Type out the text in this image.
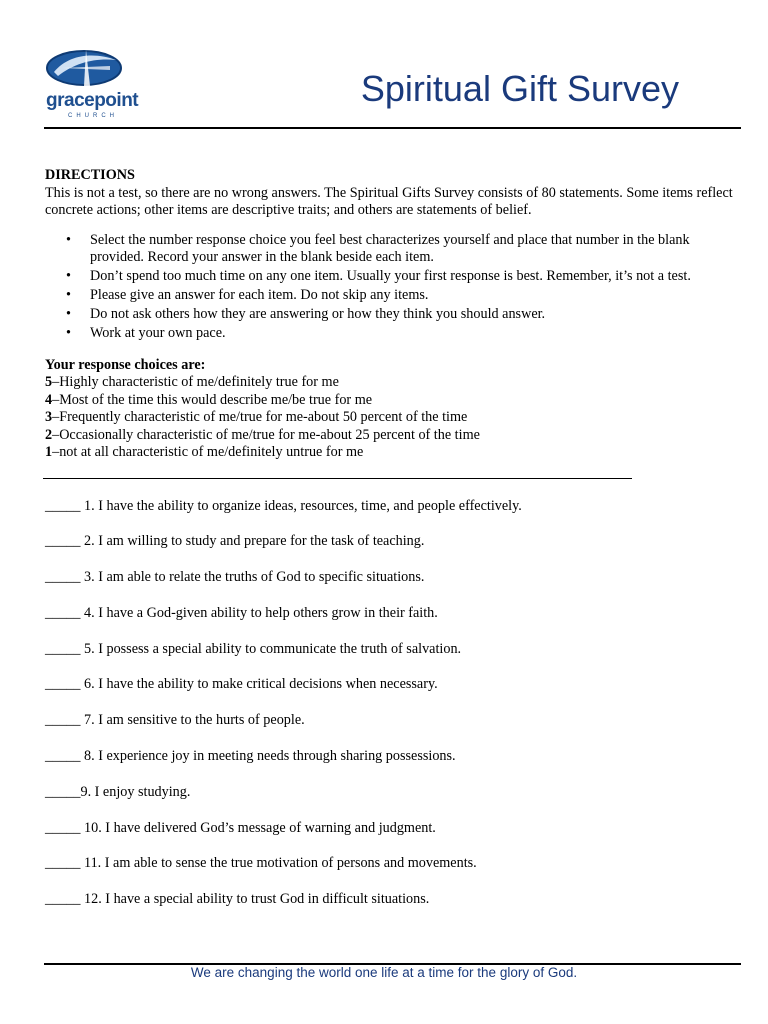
gracepoint
CHURCH
Spiritual Gift Survey

DIRECTIONS

This is not a test, so there are no wrong answers. The Spiritual Gifts Survey consists of 80 statements. Some items reflect concrete actions; other items are descriptive traits; and others are statements of belief.

• Select the number response choice you feel best characterizes yourself and place that number in the blank provided. Record your answer in the blank beside each item.
• Don’t spend too much time on any one item. Usually your first response is best. Remember, it’s not a test.
• Please give an answer for each item. Do not skip any items.
• Do not ask others how they are answering or how they think you should answer.
• Work at your own pace.

Your response choices are:

5–Highly characteristic of me/definitely true for me

4–Most of the time this would describe me/be true for me

3–Frequently characteristic of me/true for me-about 50 percent of the time

2–Occasionally characteristic of me/true for me-about 25 percent of the time

1–not at all characteristic of me/definitely untrue for me

_____ 1. I have the ability to organize ideas, resources, time, and people effectively.

_____ 2. I am willing to study and prepare for the task of teaching.

_____ 3. I am able to relate the truths of God to specific situations.

_____ 4. I have a God-given ability to help others grow in their faith.

_____ 5. I possess a special ability to communicate the truth of salvation.

_____ 6. I have the ability to make critical decisions when necessary.

_____ 7. I am sensitive to the hurts of people.

_____ 8. I experience joy in meeting needs through sharing possessions.

_____9. I enjoy studying.

_____ 10. I have delivered God’s message of warning and judgment.

_____ 11. I am able to sense the true motivation of persons and movements.

_____ 12. I have a special ability to trust God in difficult situations.

We are changing the world one life at a time for the glory of God.
